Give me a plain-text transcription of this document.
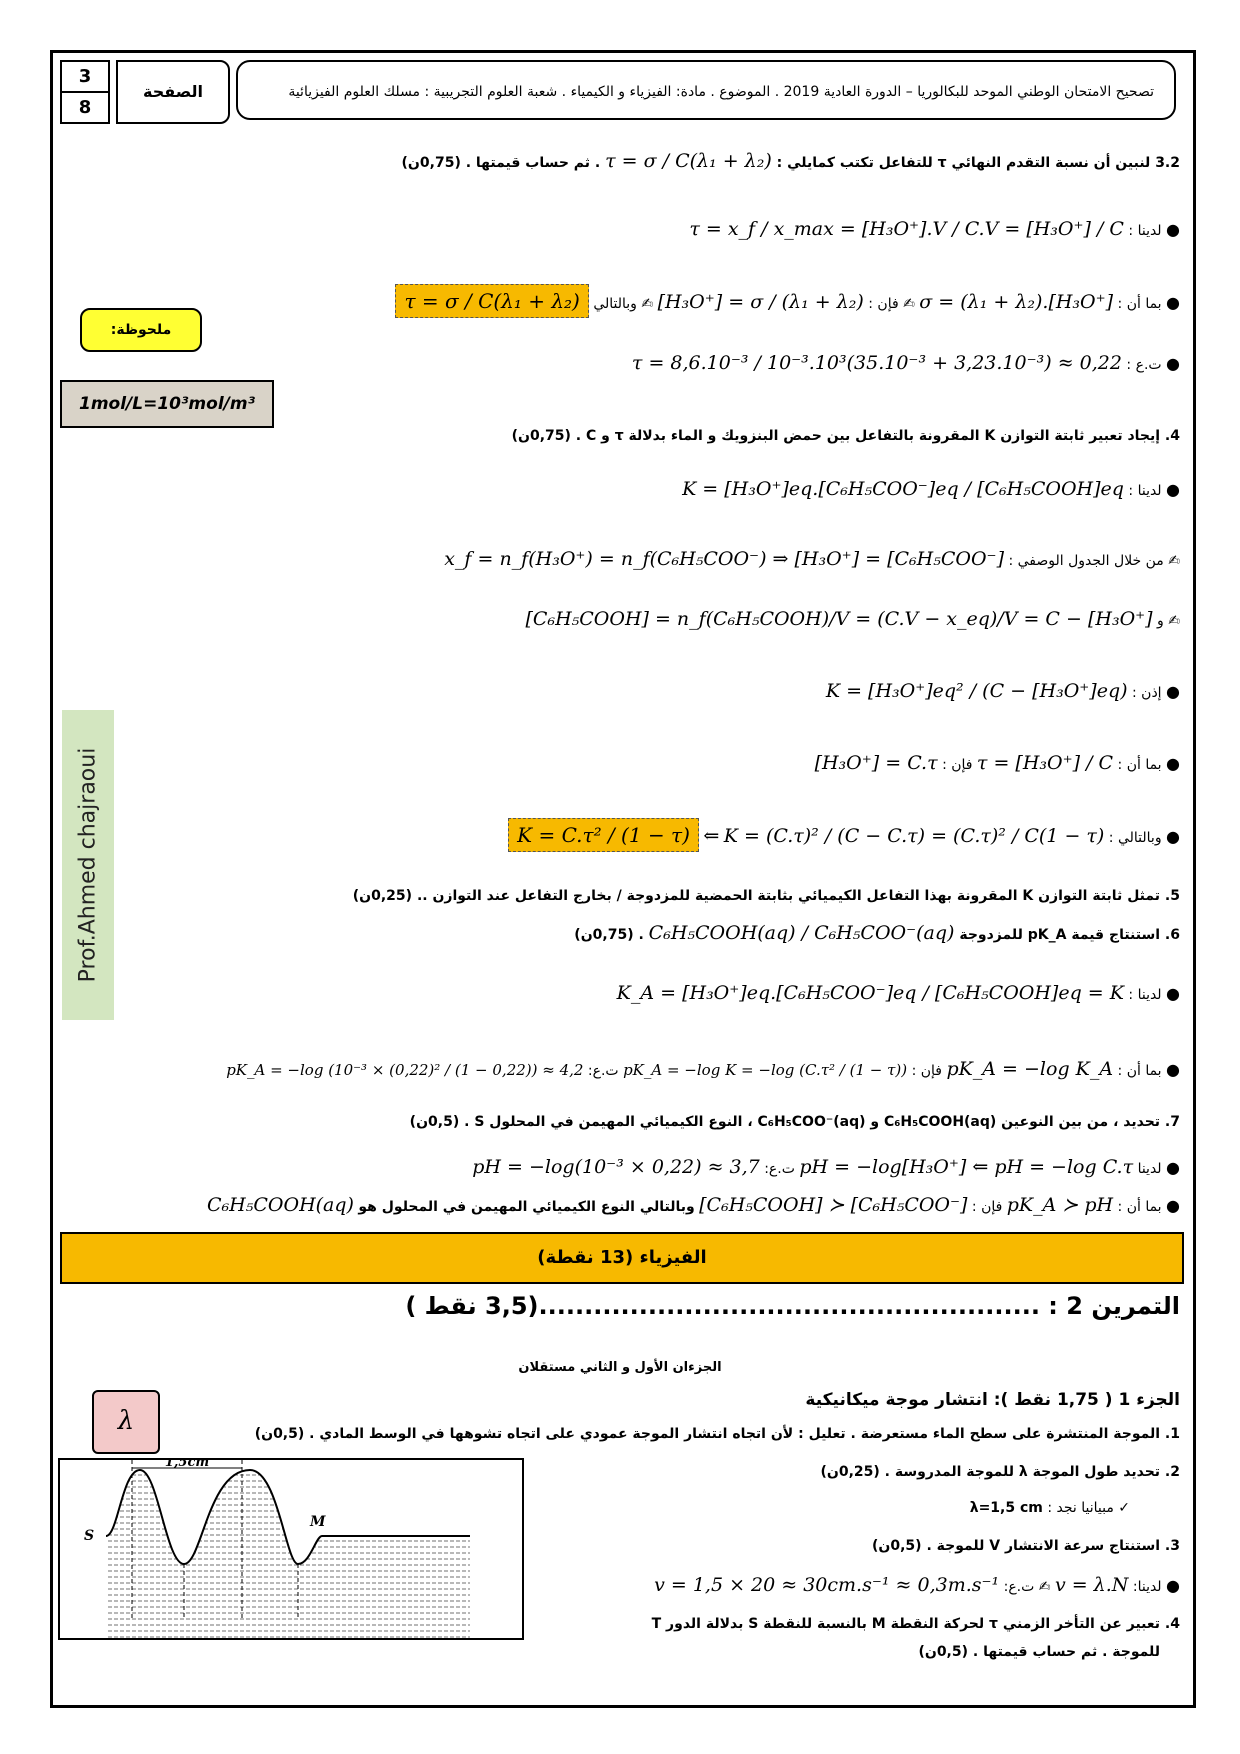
3
8
الصفحة	تصحيح الامتحان الوطني الموحد للبكالوريا – الدورة العادية 2019 . الموضوع . مادة: الفيزياء و الكيمياء . شعبة العلوم التجريبية : مسلك العلوم الفيزيائية
3.2 لنبين أن نسبة التقدم النهائي τ للتفاعل تكتب كمايلي : τ = σ / C(λ₁ + λ₂) . ثم حساب قيمتها . (0,75ن)
● لدينا : τ = x_f / x_max = [H₃O⁺].V / C.V = [H₃O⁺] / C
● بما أن : σ = (λ₁ + λ₂).[H₃O⁺] ✍ فإن : [H₃O⁺] = σ / (λ₁ + λ₂) ✍ وبالتالي τ = σ / C(λ₁ + λ₂)
ملحوظة:
1mol/L=10³mol/m³
● ت.ع : τ = 8,6.10⁻³ / 10⁻³.10³(35.10⁻³ + 3,23.10⁻³) ≈ 0,22
4. إيجاد تعبير ثابتة التوازن K المقرونة بالتفاعل بين حمض البنزويك و الماء بدلالة τ و C . (0,75ن)
● لدينا : K = [H₃O⁺]eq.[C₆H₅COO⁻]eq / [C₆H₅COOH]eq
✍ من خلال الجدول الوصفي : x_f = n_f(H₃O⁺) = n_f(C₆H₅COO⁻) ⇒ [H₃O⁺] = [C₆H₅COO⁻]
✍ و [C₆H₅COOH] = n_f(C₆H₅COOH)/V = (C.V − x_eq)/V = C − [H₃O⁺]
● إذن : K = [H₃O⁺]eq² / (C − [H₃O⁺]eq)
Prof.Ahmed chajraoui	● بما أن : τ = [H₃O⁺] / C فإن : [H₃O⁺] = C.τ
● وبالتالي : K = (C.τ)² / (C − C.τ) = (C.τ)² / C(1 − τ) ⇐ K = C.τ² / (1 − τ)
5. تمثل ثابتة التوازن K المقرونة بهذا التفاعل الكيميائي بثابتة الحمضية للمزدوجة / بخارج التفاعل عند التوازن .. (0,25ن)
6. استنتاج قيمة pK_A للمزدوجة C₆H₅COOH(aq) / C₆H₅COO⁻(aq) . (0,75ن)
● لدينا : K_A = [H₃O⁺]eq.[C₆H₅COO⁻]eq / [C₆H₅COOH]eq = K
● بما أن : pK_A = −log K_A فإن : pK_A = −log K = −log (C.τ² / (1 − τ)) ت.ع: pK_A = −log (10⁻³ × (0,22)² / (1 − 0,22)) ≈ 4,2
7. تحديد ، من بين النوعين C₆H₅COOH(aq) و C₆H₅COO⁻(aq) ، النوع الكيميائي المهيمن في المحلول S . (0,5ن)
● لدينا pH = −log[H₃O⁺] ⇐ pH = −log C.τ ت.ع: pH = −log(10⁻³ × 0,22) ≈ 3,7
● بما أن : pK_A ≻ pH فإن : [C₆H₅COOH] ≻ [C₆H₅COO⁻] وبالتالي النوع الكيميائي المهيمن في المحلول هو C₆H₅COOH(aq)
الفيزياء (13 نقطة)
التمرين 2 : .......................................................(3,5 نقط )
الجزءان الأول و الثاني مستقلان
الجزء 1 ( 1,75 نقط ): انتشار موجة ميكانيكية
1. الموجة المنتشرة على سطح الماء مستعرضة . تعليل : لأن اتجاه انتشار الموجة عمودي على اتجاه تشوهها في الوسط المادي . (0,5ن)
2. تحديد طول الموجة λ للموجة المدروسة . (0,25ن)
✓ مبيانيا نجد : λ=1,5 cm
3. استنتاج سرعة الانتشار V للموجة . (0,5ن)
● لدينا: v = λ.N ✍ ت.ع: v = 1,5 × 20 ≈ 30cm.s⁻¹ ≈ 0,3m.s⁻¹
4. تعبير عن التأخر الزمني τ لحركة النقطة M بالنسبة للنقطة S بدلالة الدور T
للموجة . ثم حساب قيمتها . (0,5ن)
λ
1,5cm
S
M
